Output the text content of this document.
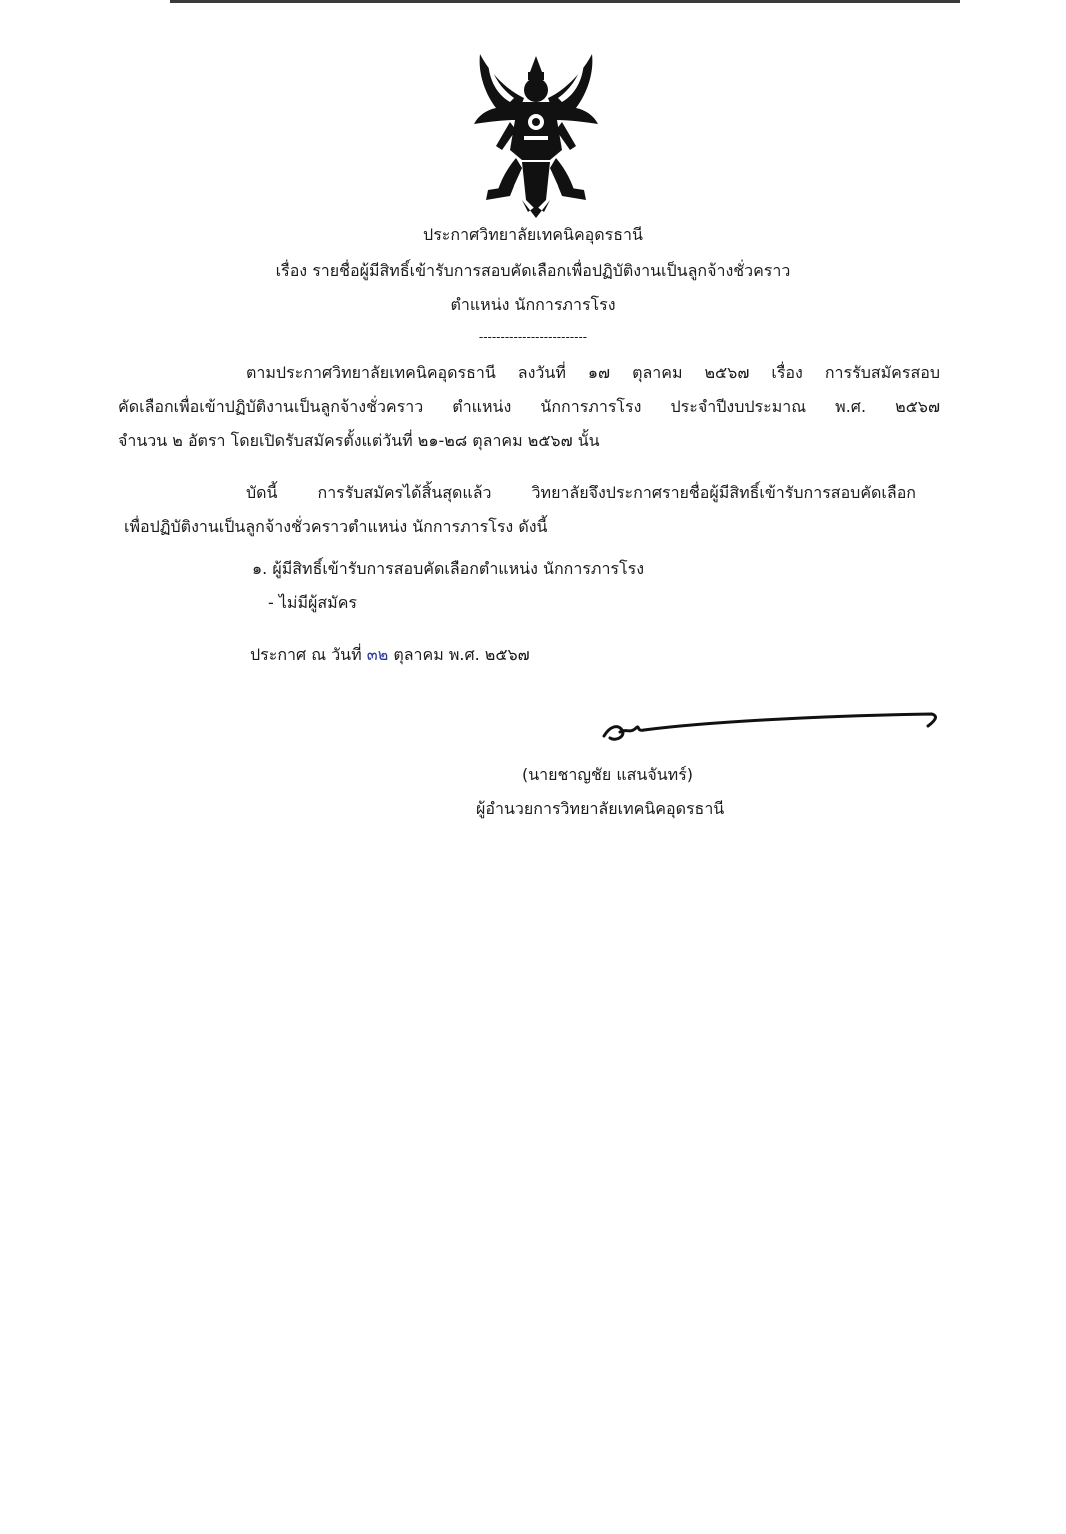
ประกาศวิทยาลัยเทคนิคอุดรธานี
เรื่อง รายชื่อผู้มีสิทธิ์เข้ารับการสอบคัดเลือกเพื่อปฏิบัติงานเป็นลูกจ้างชั่วคราว
ตำแหน่ง นักการภารโรง
-------------------------
ตามประกาศวิทยาลัยเทคนิคอุดรธานี ลงวันที่ ๑๗ ตุลาคม ๒๕๖๗ เรื่อง การรับสมัครสอบ
คัดเลือกเพื่อเข้าปฏิบัติงานเป็นลูกจ้างชั่วคราว ตำแหน่ง นักการภารโรง ประจำปีงบประมาณ พ.ศ. ๒๕๖๗
จำนวน ๒ อัตรา โดยเปิดรับสมัครตั้งแต่วันที่ ๒๑-๒๘ ตุลาคม ๒๕๖๗ นั้น
บัดนี้ การรับสมัครได้สิ้นสุดแล้ว วิทยาลัยจึงประกาศรายชื่อผู้มีสิทธิ์เข้ารับการสอบคัดเลือก
เพื่อปฏิบัติงานเป็นลูกจ้างชั่วคราวตำแหน่ง นักการภารโรง ดังนี้
๑. ผู้มีสิทธิ์เข้ารับการสอบคัดเลือกตำแหน่ง นักการภารโรง
- ไม่มีผู้สมัคร
ประกาศ ณ วันที่ ๓๒ ตุลาคม พ.ศ. ๒๕๖๗
(นายชาญชัย แสนจันทร์)
ผู้อำนวยการวิทยาลัยเทคนิคอุดรธานี
